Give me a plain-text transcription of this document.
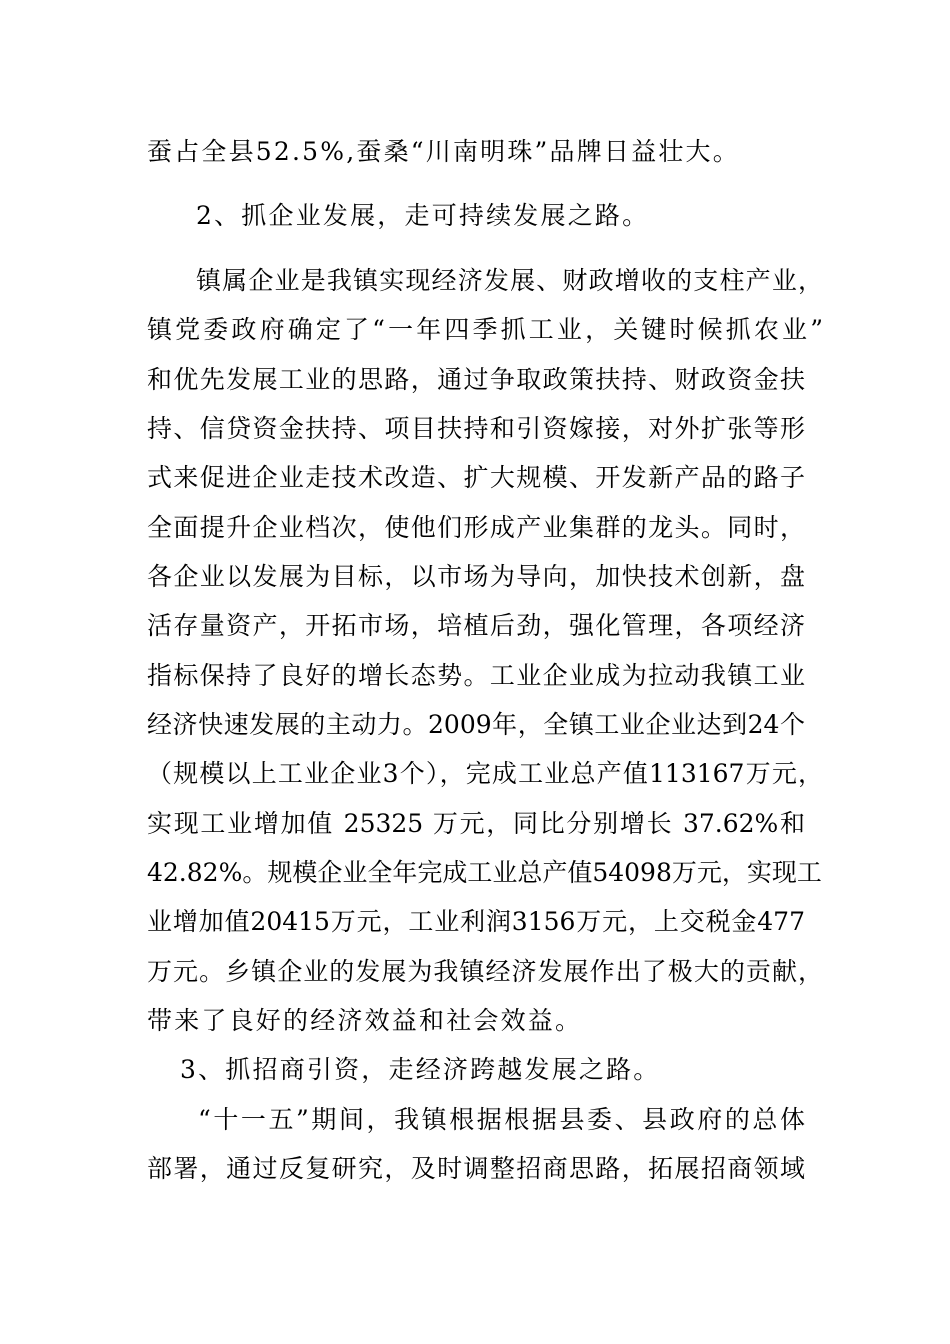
蚕占全县52.5%,蚕桑“川南明珠”品牌日益壮大。
2、抓企业发展，走可持续发展之路。
镇属企业是我镇实现经济发展、财政增收的支柱产业，
镇党委政府确定了“一年四季抓工业，关键时候抓农业”
和优先发展工业的思路，通过争取政策扶持、财政资金扶
持、信贷资金扶持、项目扶持和引资嫁接，对外扩张等形
式来促进企业走技术改造、扩大规模、开发新产品的路子
全面提升企业档次，使他们形成产业集群的龙头。同时，
各企业以发展为目标，以市场为导向，加快技术创新，盘
活存量资产，开拓市场，培植后劲，强化管理，各项经济
指标保持了良好的增长态势。工业企业成为拉动我镇工业
经济快速发展的主动力。2009年，全镇工业企业达到24个
（规模以上工业企业3个），完成工业总产值113167万元，
实现工业增加值 25325 万元，同比分别增长 37.62%和
42.82%。规模企业全年完成工业总产值54098万元，实现工
业增加值20415万元，工业利润3156万元，上交税金477
万元。乡镇企业的发展为我镇经济发展作出了极大的贡献，
带来了良好的经济效益和社会效益。
3、抓招商引资，走经济跨越发展之路。
“十一五”期间，我镇根据根据县委、县政府的总体
部署，通过反复研究，及时调整招商思路，拓展招商领域
